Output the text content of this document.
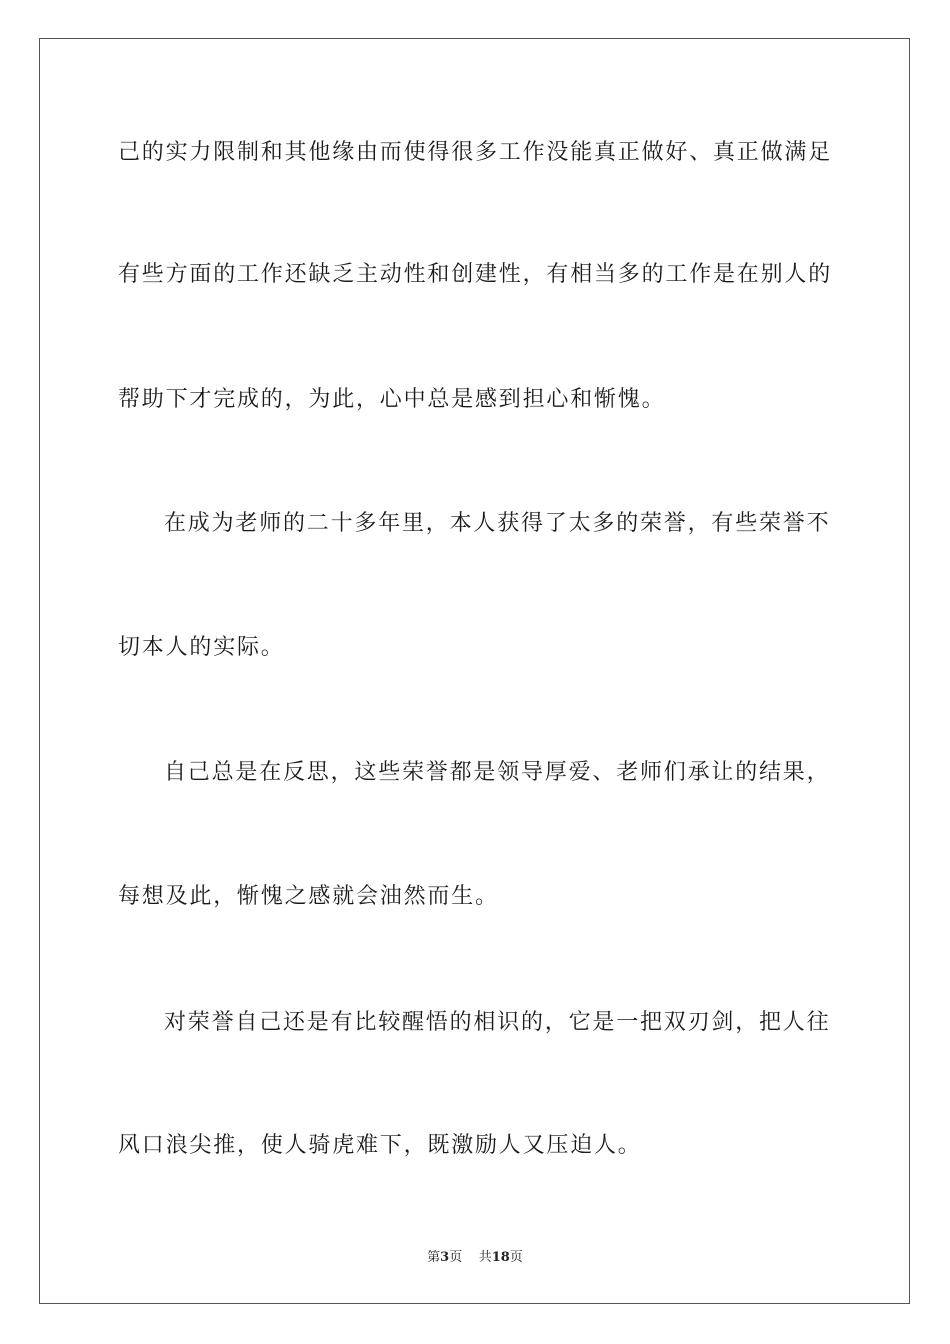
己的实力限制和其他缘由而使得很多工作没能真正做好、真正做满足
有些方面的工作还缺乏主动性和创建性，有相当多的工作是在别人的
帮助下才完成的，为此，心中总是感到担心和惭愧。
在成为老师的二十多年里，本人获得了太多的荣誉，有些荣誉不
切本人的实际。
自己总是在反思，这些荣誉都是领导厚爱、老师们承让的结果，
每想及此，惭愧之感就会油然而生。
对荣誉自己还是有比较醒悟的相识的，它是一把双刃剑，把人往
风口浪尖推，使人骑虎难下，既激励人又压迫人。
第3页 共18页
